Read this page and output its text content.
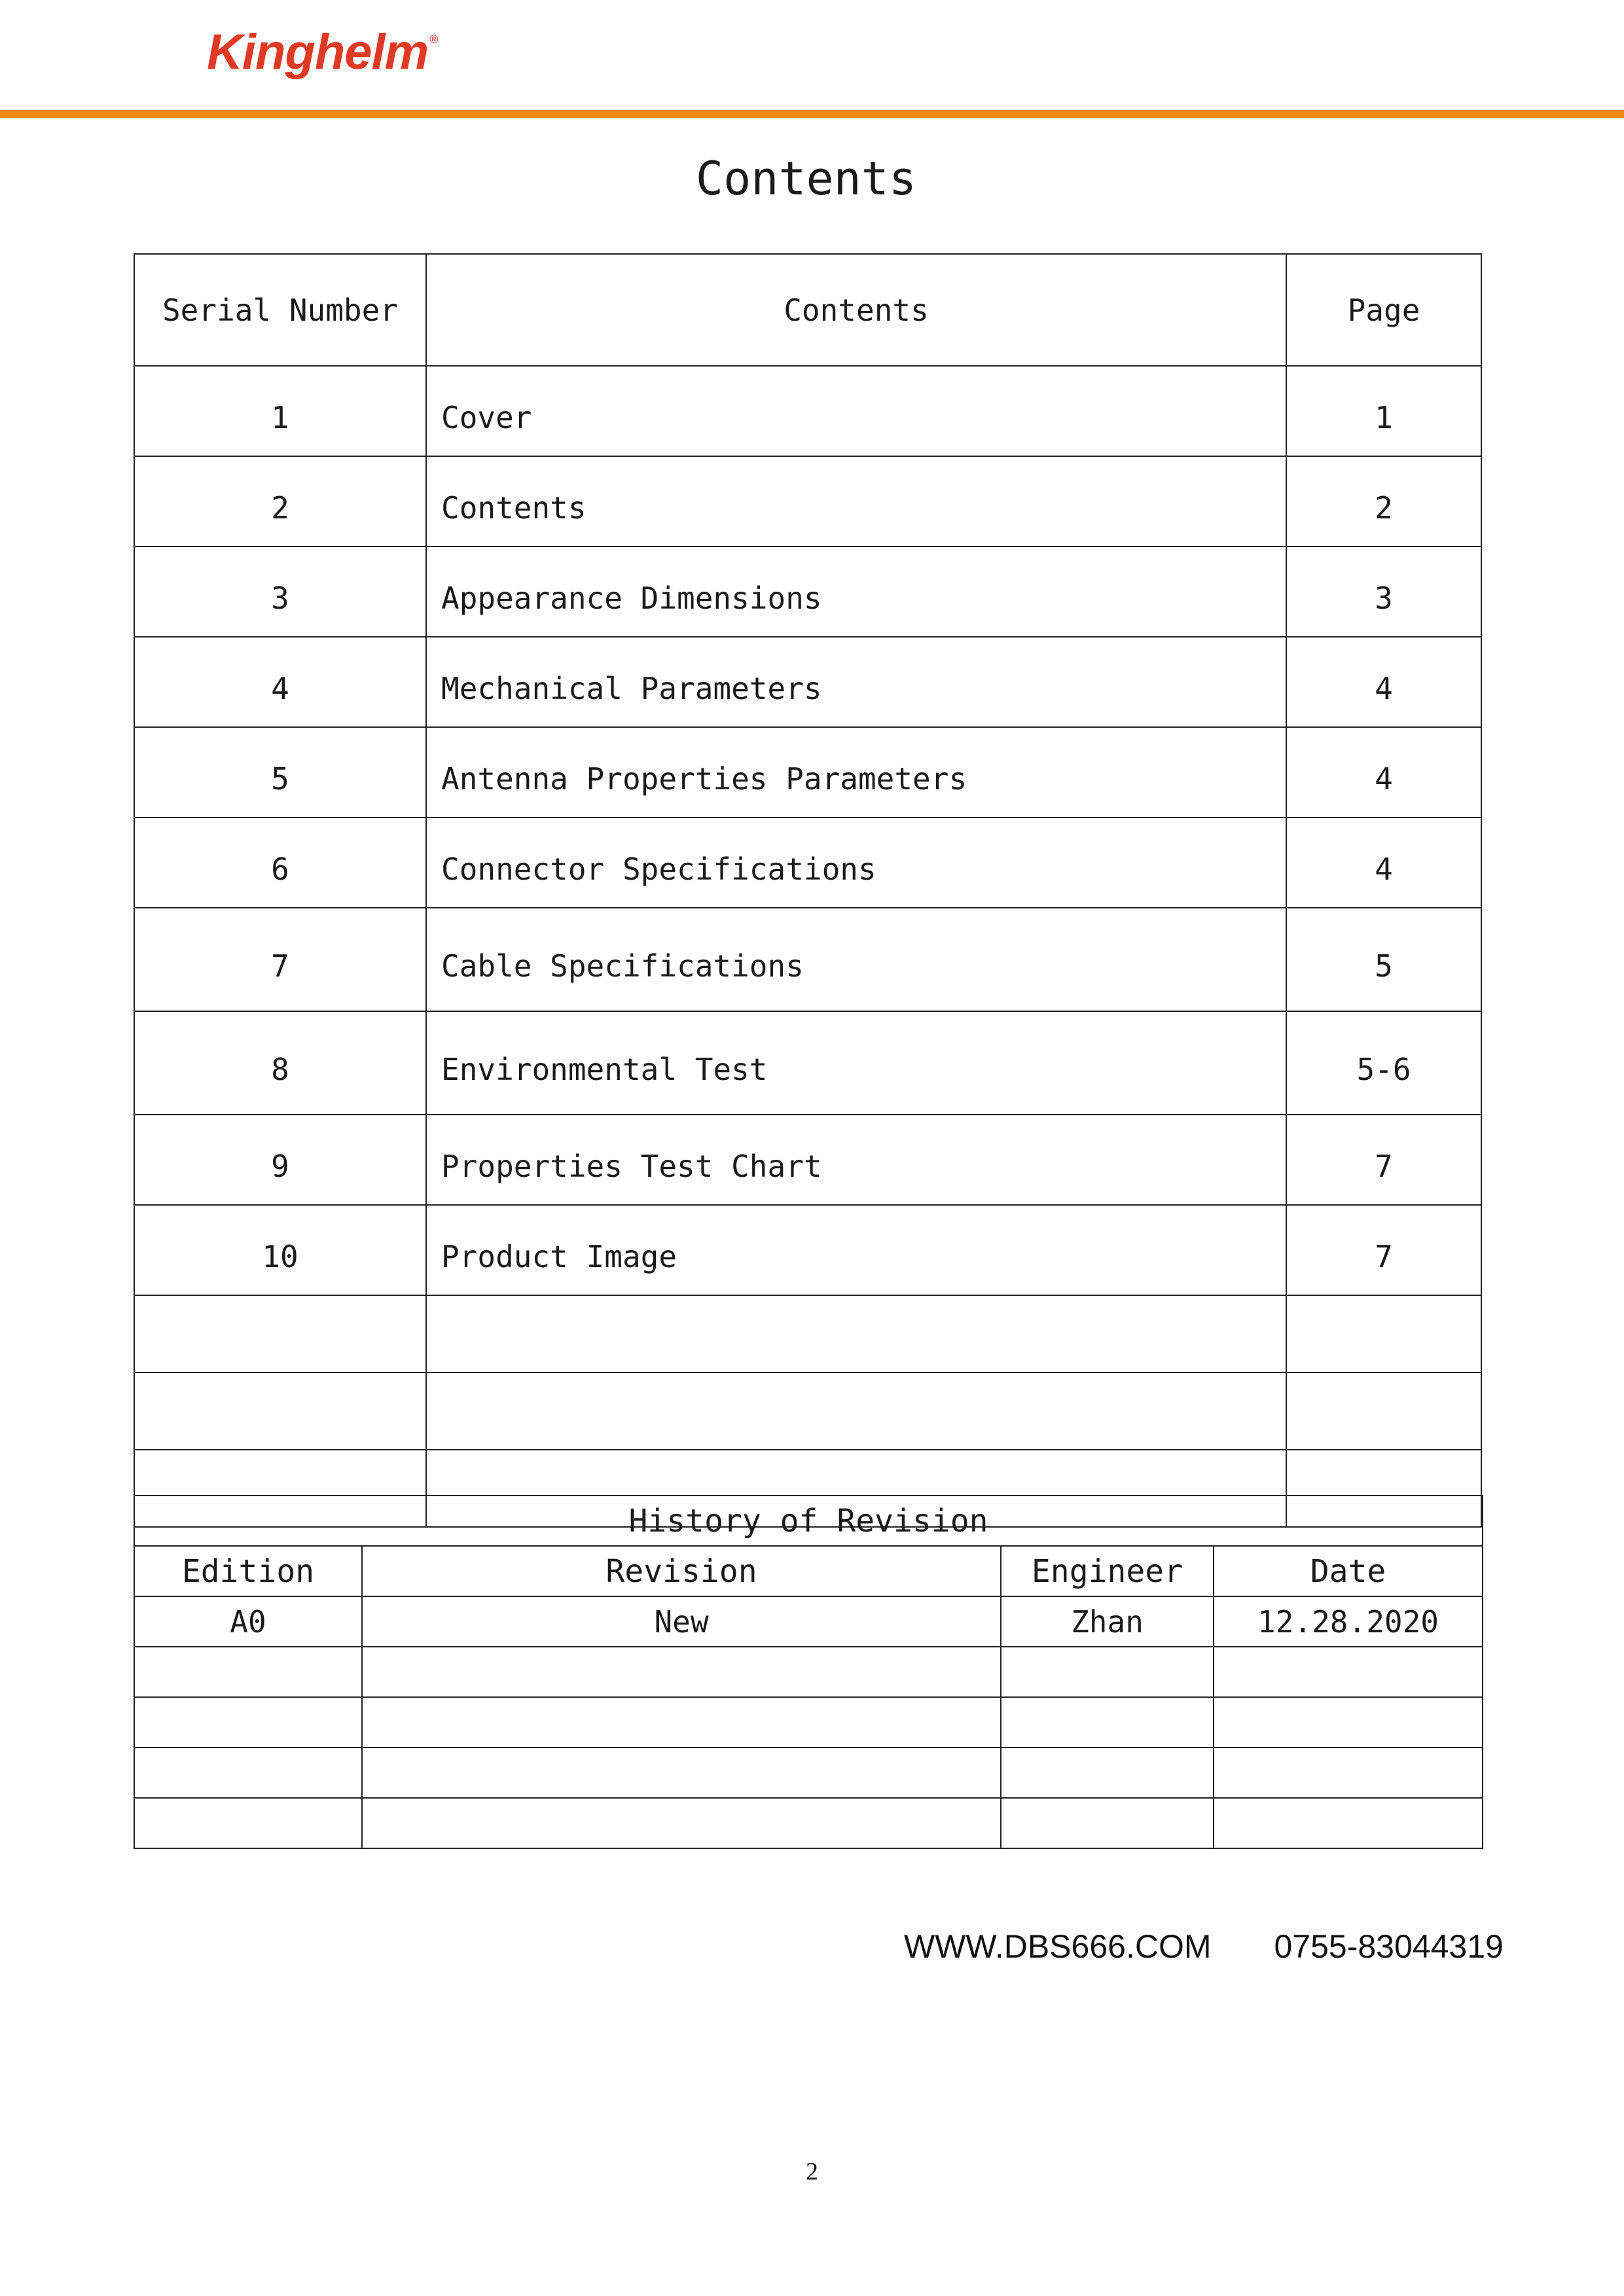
Kinghelm ®
Contents
Serial Number	Contents	Page
1	Cover	1
2	Contents	2
3	Appearance Dimensions	3
4	Mechanical Parameters	4
5	Antenna Properties Parameters	4
6	Connector Specifications	4
7	Cable Specifications	5
8	Environmental Test	5-6
9	Properties Test Chart	7
10	Product Image	7

History of Revision			
Edition	Revision	Engineer	Date
A0	New	Zhan	12.28.2020

WWW.DBS666.COM 0755-83044319
2
